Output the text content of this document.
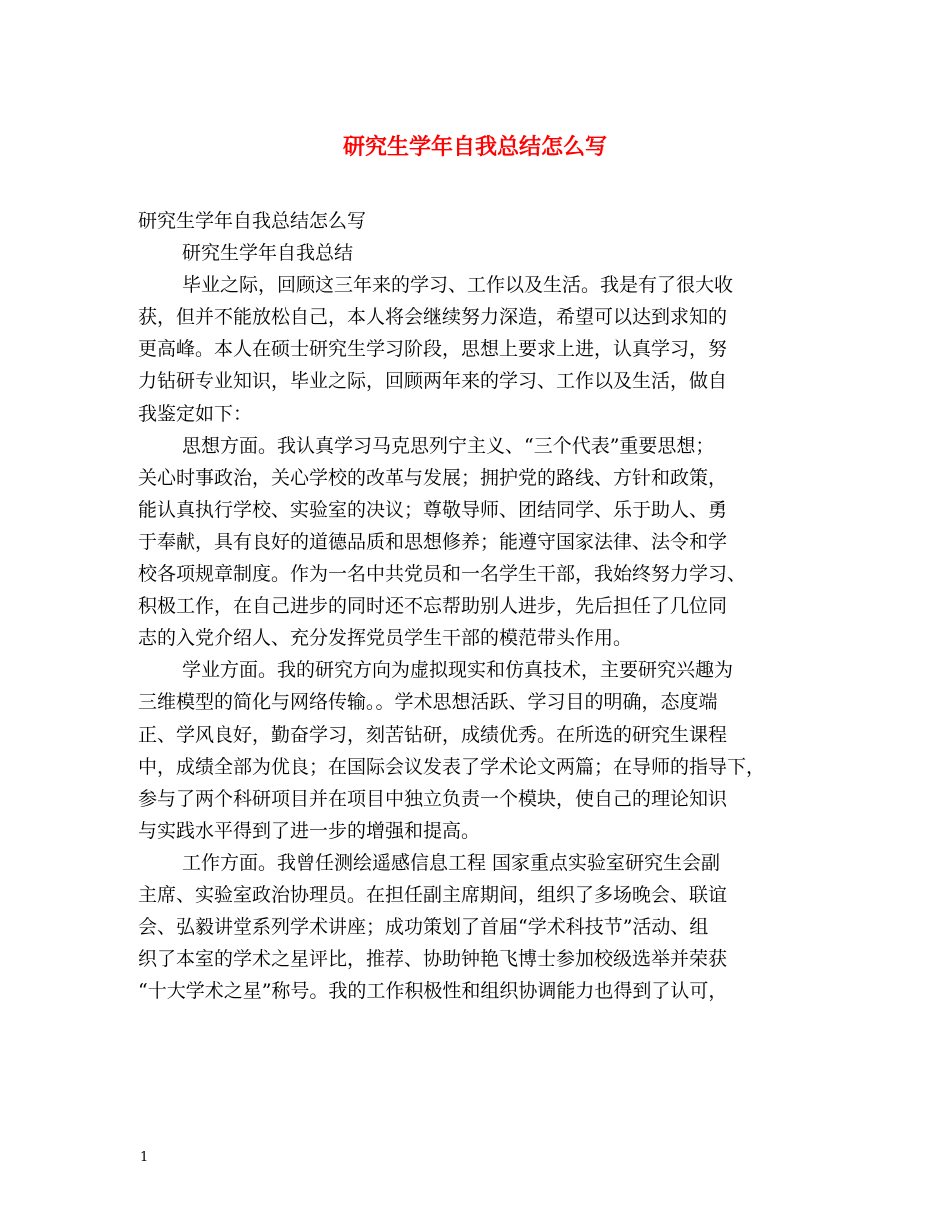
研究生学年自我总结怎么写
研究生学年自我总结怎么写
研究生学年自我总结
毕业之际，回顾这三年来的学习、工作以及生活。我是有了很大收
获，但并不能放松自己，本人将会继续努力深造，希望可以达到求知的
更高峰。本人在硕士研究生学习阶段，思想上要求上进，认真学习，努
力钻研专业知识，毕业之际，回顾两年来的学习、工作以及生活，做自
我鉴定如下：
思想方面。我认真学习马克思列宁主义、“三个代表”重要思想；
关心时事政治，关心学校的改革与发展；拥护党的路线、方针和政策，
能认真执行学校、实验室的决议；尊敬导师、团结同学、乐于助人、勇
于奉献，具有良好的道德品质和思想修养；能遵守国家法律、法令和学
校各项规章制度。作为一名中共党员和一名学生干部，我始终努力学习、
积极工作，在自己进步的同时还不忘帮助别人进步，先后担任了几位同
志的入党介绍人、充分发挥党员学生干部的模范带头作用。
学业方面。我的研究方向为虚拟现实和仿真技术，主要研究兴趣为
三维模型的简化与网络传输。。学术思想活跃、学习目的明确，态度端
正、学风良好，勤奋学习，刻苦钻研，成绩优秀。在所选的研究生课程
中，成绩全部为优良；在国际会议发表了学术论文两篇；在导师的指导下，
参与了两个科研项目并在项目中独立负责一个模块，使自己的理论知识
与实践水平得到了进一步的增强和提高。
工作方面。我曾任测绘遥感信息工程 国家重点实验室研究生会副
主席、实验室政治协理员。在担任副主席期间，组织了多场晚会、联谊
会、弘毅讲堂系列学术讲座；成功策划了首届“学术科技节”活动、组
织了本室的学术之星评比，推荐、协助钟艳飞博士参加校级选举并荣获
“十大学术之星”称号。我的工作积极性和组织协调能力也得到了认可，
1
